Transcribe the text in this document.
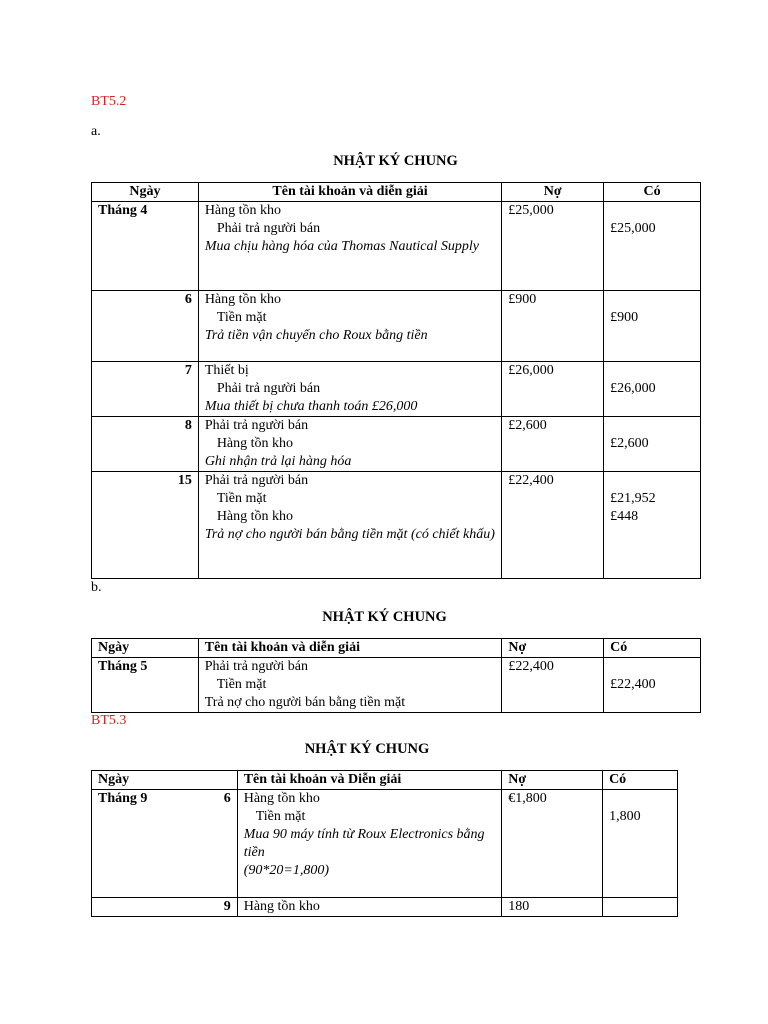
BT5.2
a.
NHẬT KÝ CHUNG
Ngày	Tên tài khoản và diễn giải	Nợ	Có
Tháng 4	Hàng tồn kho
Phải trả người bán
Mua chịu hàng hóa của Thomas Nautical Supply	£25,000	£25,000

6	Hàng tồn kho
Tiền mặt
Trả tiền vận chuyển cho Roux bằng tiền	£900	£900

7	Thiết bị
Phải trả người bán
Mua thiết bị chưa thanh toán £26,000	£26,000	£26,000

8	Phải trả người bán
Hàng tồn kho
Ghi nhận trả lại hàng hóa	£2,600	£2,600

15	Phải trả người bán
Tiền mặt
Hàng tồn kho
Trả nợ cho người bán bằng tiền mặt (có chiết khấu)	£22,400	£21,952
£448
b.
NHẬT KÝ CHUNG
Ngày	Tên tài khoản và diễn giải	Nợ	Có
Tháng 5	Phải trả người bán
Tiền mặt
Trả nợ cho người bán bằng tiền mặt	£22,400	£22,400
BT5.3
NHẬT KÝ CHUNG
Ngày	Tên tài khoản và Diễn giải	Nợ	Có
Tháng 9 6	Hàng tồn kho
Tiền mặt
Mua 90 máy tính từ Roux Electronics bằng tiền
(90*20=1,800)	€1,800	1,800

9	Hàng tồn kho	180	
